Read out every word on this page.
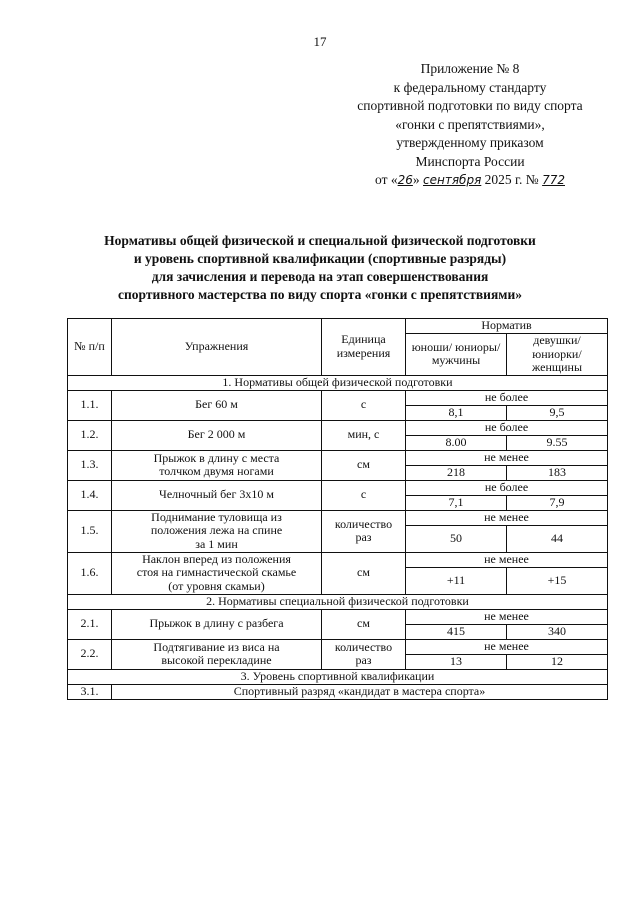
17
Приложение № 8
к федеральному стандарту
спортивной подготовки по виду спорта
«гонки с препятствиями»,
утвержденному приказом
Минспорта России
от «26» сентября 2025 г. № 772
Нормативы общей физической и специальной физической подготовки
и уровень спортивной квалификации (спортивные разряды)
для зачисления и перевода на этап совершенствования
спортивного мастерства по виду спорта «гонки с препятствиями»
№ п/п	Упражнения	Единица измерения	Норматив	
			юноши/ юниоры/ мужчины	девушки/ юниорки/ женщины
1. Нормативы общей физической подготовки				
1.1.	Бег 60 м	с	не более	
			8,1	9,5
1.2.	Бег 2 000 м	мин, с	не более	
			8.00	9.55
1.3.	Прыжок в длину с места толчком двумя ногами	см	не менее	
			218	183
1.4.	Челночный бег 3х10 м	с	не более	
			7,1	7,9
1.5.	Поднимание туловища из положения лежа на спине за 1 мин	количество раз	не менее	
			50	44
1.6.	Наклон вперед из положения стоя на гимнастической скамье (от уровня скамьи)	см	не менее	
			+11	+15
2. Нормативы специальной физической подготовки				
2.1.	Прыжок в длину с разбега	см	не менее	
			415	340
2.2.	Подтягивание из виса на высокой перекладине	количество раз	не менее	
			13	12
3. Уровень спортивной квалификации				
3.1.	Спортивный разряд «кандидат в мастера спорта»			
